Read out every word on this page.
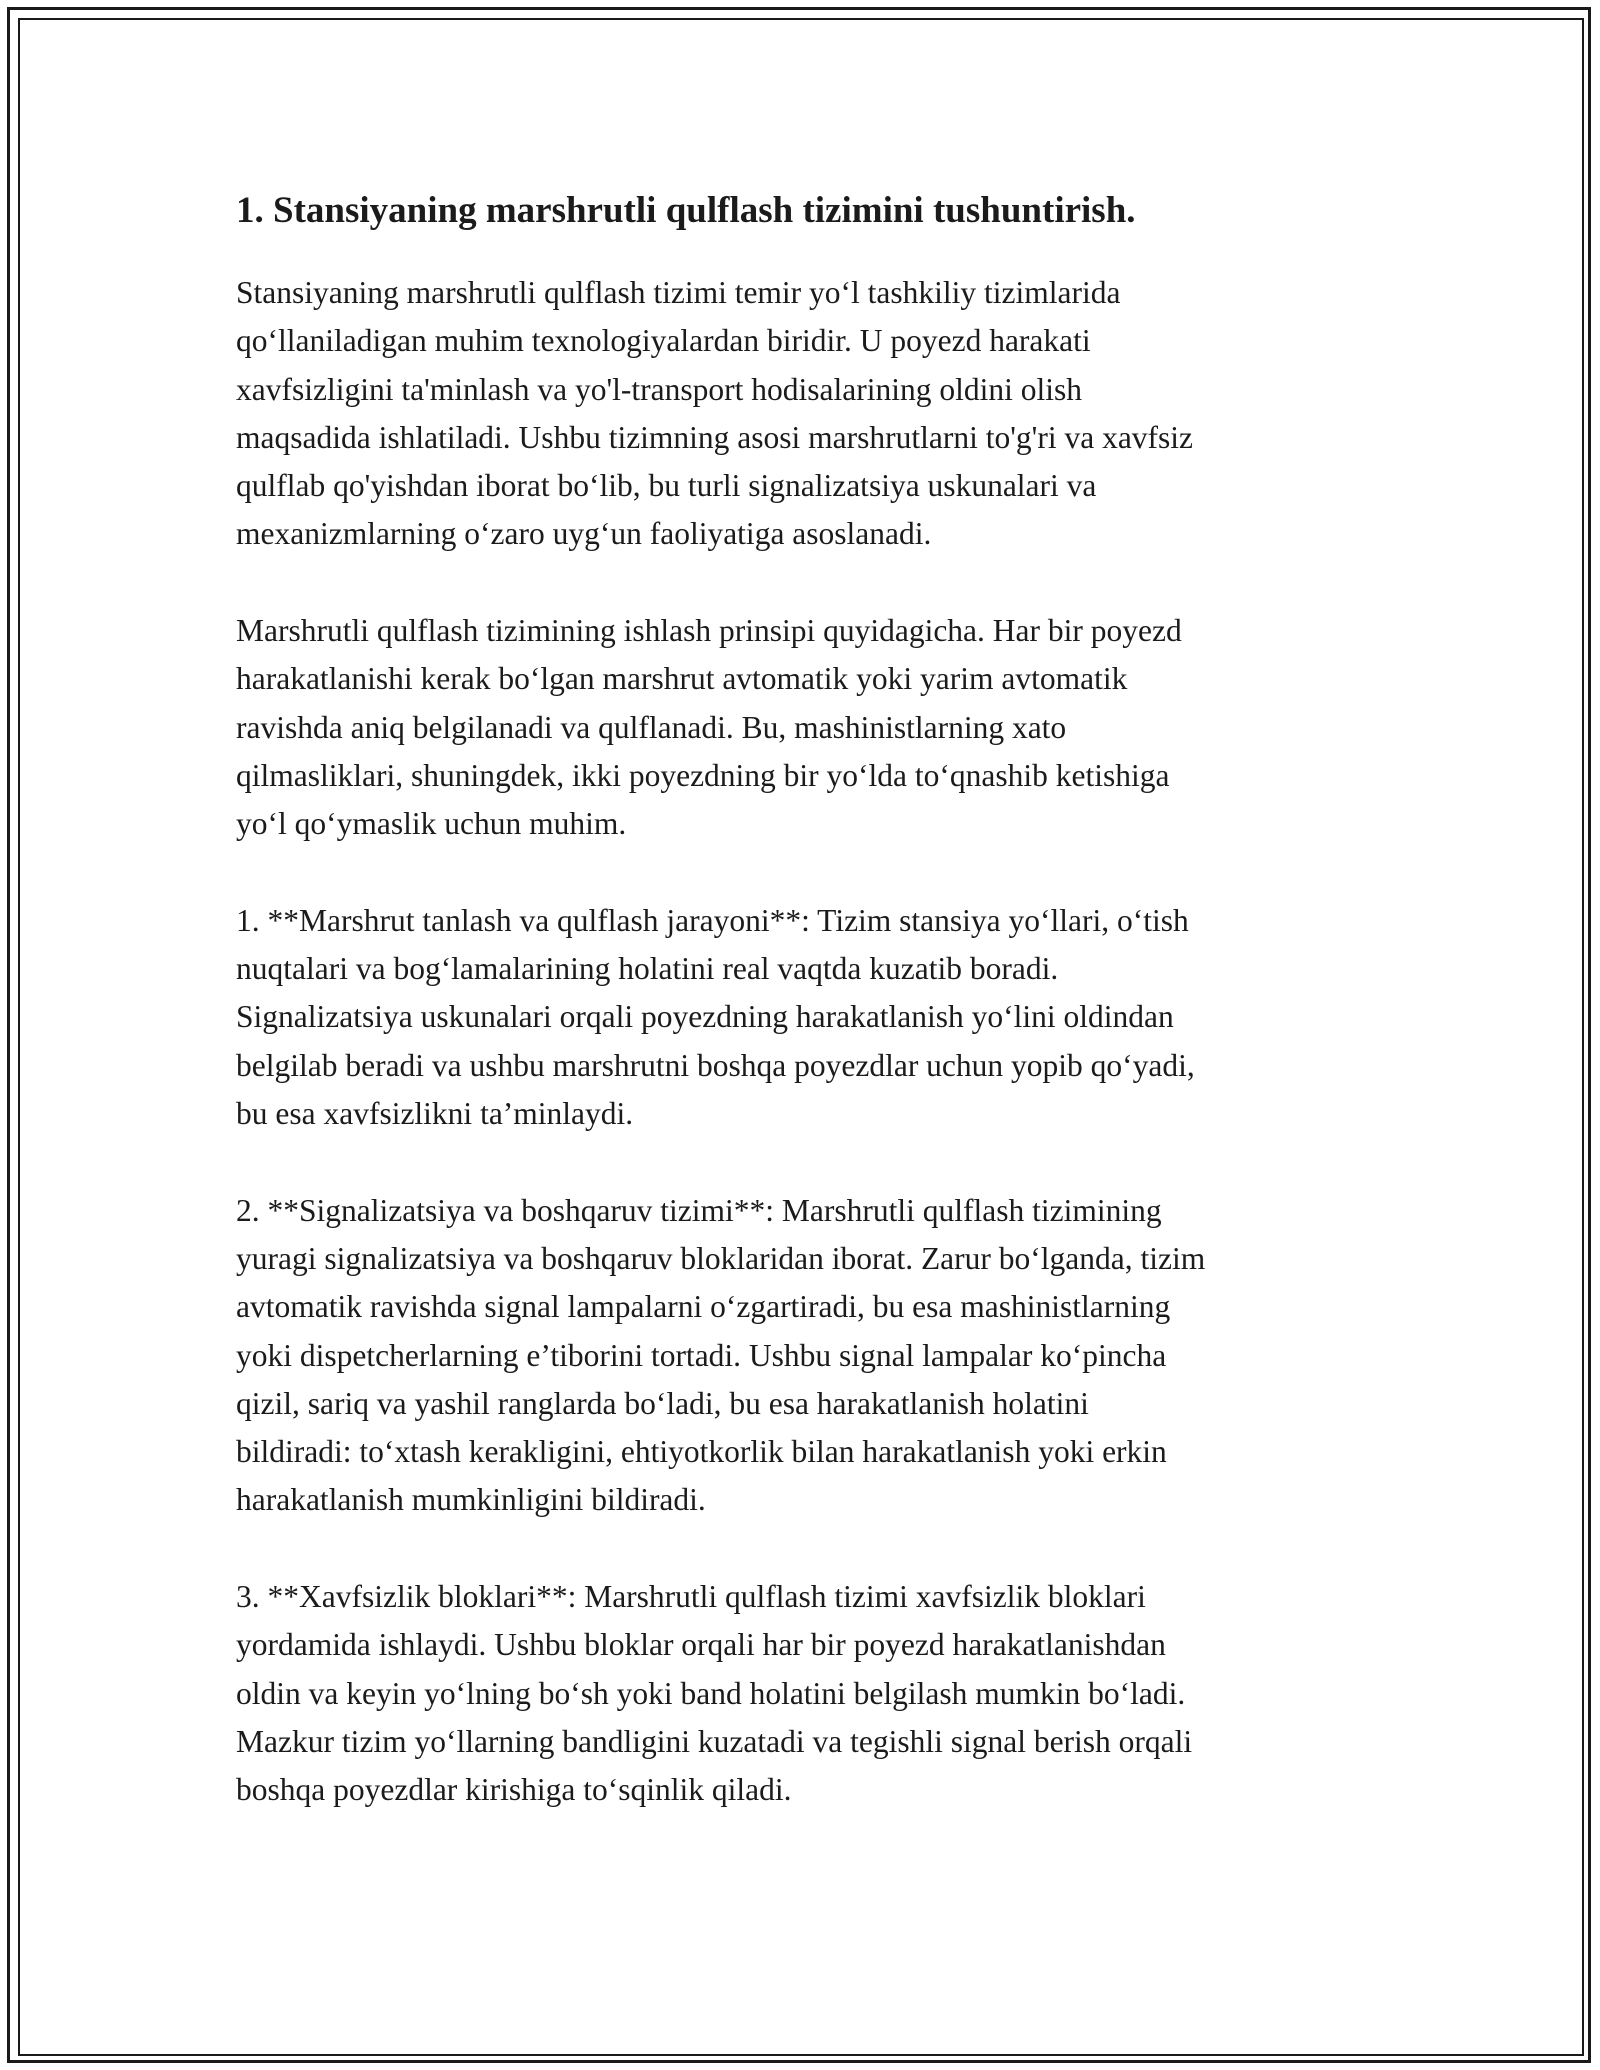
1. Stansiyaning marshrutli qulflash tizimini tushuntirish.
Stansiyaning marshrutli qulflash tizimi temir yo‘l tashkiliy tizimlarida
qo‘llaniladigan muhim texnologiyalardan biridir. U poyezd harakati
xavfsizligini ta'minlash va yo'l-transport hodisalarining oldini olish
maqsadida ishlatiladi. Ushbu tizimning asosi marshrutlarni to'g'ri va xavfsiz
qulflab qo'yishdan iborat bo‘lib, bu turli signalizatsiya uskunalari va
mexanizmlarning o‘zaro uyg‘un faoliyatiga asoslanadi.
Marshrutli qulflash tizimining ishlash prinsipi quyidagicha. Har bir poyezd
harakatlanishi kerak bo‘lgan marshrut avtomatik yoki yarim avtomatik
ravishda aniq belgilanadi va qulflanadi. Bu, mashinistlarning xato
qilmasliklari, shuningdek, ikki poyezdning bir yo‘lda to‘qnashib ketishiga
yo‘l qo‘ymaslik uchun muhim.
1. **Marshrut tanlash va qulflash jarayoni**: Tizim stansiya yo‘llari, o‘tish
nuqtalari va bog‘lamalarining holatini real vaqtda kuzatib boradi.
Signalizatsiya uskunalari orqali poyezdning harakatlanish yo‘lini oldindan
belgilab beradi va ushbu marshrutni boshqa poyezdlar uchun yopib qo‘yadi,
bu esa xavfsizlikni ta’minlaydi.
2. **Signalizatsiya va boshqaruv tizimi**: Marshrutli qulflash tizimining
yuragi signalizatsiya va boshqaruv bloklaridan iborat. Zarur bo‘lganda, tizim
avtomatik ravishda signal lampalarni o‘zgartiradi, bu esa mashinistlarning
yoki dispetcherlarning e’tiborini tortadi. Ushbu signal lampalar ko‘pincha
qizil, sariq va yashil ranglarda bo‘ladi, bu esa harakatlanish holatini
bildiradi: to‘xtash kerakligini, ehtiyotkorlik bilan harakatlanish yoki erkin
harakatlanish mumkinligini bildiradi.
3. **Xavfsizlik bloklari**: Marshrutli qulflash tizimi xavfsizlik bloklari
yordamida ishlaydi. Ushbu bloklar orqali har bir poyezd harakatlanishdan
oldin va keyin yo‘lning bo‘sh yoki band holatini belgilash mumkin bo‘ladi.
Mazkur tizim yo‘llarning bandligini kuzatadi va tegishli signal berish orqali
boshqa poyezdlar kirishiga to‘sqinlik qiladi.
